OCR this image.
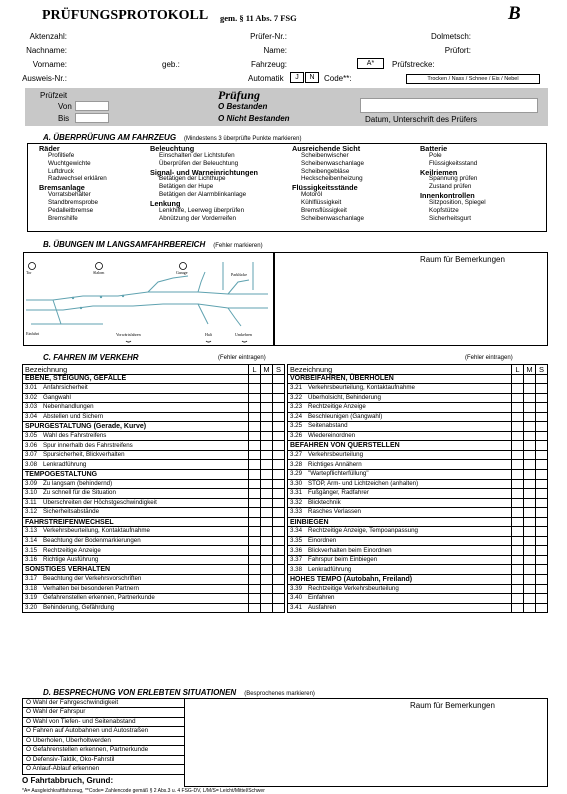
PRÜFUNGSPROTOKOLL gem. § 11 Abs. 7 FSG	B
Aktenzahl:
Nachname:
Vorname:
Ausweis-Nr.:
geb.:
Prüfer-Nr.:
Name:
Fahrzeug:
Automatik
A*
J	N	Code**:
Dolmetsch:
Prüfort:
Prüfstrecke:
Trocken / Nass / Schnee / Eis / Nebel
Prüfzeit
Von
Bis
Prüfung
O Bestanden
O Nicht Bestanden	Datum, Unterschrift des Prüfers
A. ÜBERPRÜFUNG AM FAHRZEUG (Mindestens 3 überprüfte Punkte markieren)
Räder
Profiltiefe
Wuchtgewichte
Luftdruck
Radwechsel erklären
Bremsanlage
Vorratsbehälter
Standbremsprobe
Pedalleitbremse
Bremshilfe
Beleuchtung
Einschalten der Lichtstufen
Überprüfen der Beleuchtung
Signal- und Warneinrichtungen
Betätigen der Lichthupe
Betätigen der Hupe
Betätigen der Alarmblinkanlage
Lenkung
Lenkhilfe, Leerweg überprüfen
Abnützung der Vorderreifen
Ausreichende Sicht
Scheibenwischer
Scheibenwaschanlage
Scheibengebläse
Heckscheibenheizung
Flüssigkeitsstände
Motoröl
Kühlflüssigkeit
Bremsflüssigkeit
Scheibenwaschanlage
Batterie
Pole
Flüssigkeitsstand
Keilriemen
Spannung prüfen
Zustand prüfen
Innenkontrollen
Sitzposition, Spiegel
Kopfstütze
Sicherheitsgurt
B. ÜBUNGEN IM LANGSAMFAHRBEREICH (Fehler markieren)
Raum für Bemerkungen
Tor	Slalom	Garage	Parklücke
Einfahrt	Vorwärtsfahren	Halt	Umkehren
C. FAHREN IM VERKEHR	(Fehler eintragen)	(Fehler eintragen)
Bezeichnung	L	M	S
EBENE, STEIGUNG, GEFÄLLE			
3.01 Anfahrsicherheit			
3.02 Gangwahl			
3.03 Nebenhandlungen			
3.04 Abstellen und Sichern			
SPURGESTALTUNG (Gerade, Kurve)			
3.05 Wahl des Fahrstreifens			
3.06 Spur innerhalb des Fahrstreifens			
3.07 Spursicherheit, Blickverhalten			
3.08 Lenkradführung			
TEMPOGESTALTUNG			
3.09 Zu langsam (behindernd)			
3.10 Zu schnell für die Situation			
3.11 Überschreiten der Höchstgeschwindigkeit			
3.12 Sicherheitsabstände			
FAHRSTREIFENWECHSEL			
3.13 Verkehrsbeurteilung, Kontaktaufnahme			
3.14 Beachtung der Bodenmarkierungen			
3.15 Rechtzeitige Anzeige			
3.16 Richtige Ausführung			
SONSTIGES VERHALTEN			
3.17 Beachtung der Verkehrsvorschriften			
3.18 Verhalten bei besonderen Partnern			
3.19 Gefahrenstellen erkennen, Partnerkunde			
3.20 Behinderung, Gefährdung			
Bezeichnung	L	M	S
VORBEIFAHREN, ÜBERHOLEN			
3.21 Verkehrsbeurteilung, Kontaktaufnahme			
3.22 Überholsicht, Behinderung			
3.23 Rechtzeitige Anzeige			
3.24 Beschleunigen (Gangwahl)			
3.25 Seitenabstand			
3.26 Wiedereinordnen			
BEFAHREN VON QUERSTELLEN			
3.27 Verkehrsbeurteilung			
3.28 Richtiges Annähern			
3.29 "Wartepflichterfüllung"			
3.30 STOP, Arm- und Lichtzeichen (anhalten)			
3.31 Fußgänger, Radfahrer			
3.32 Blicktechnik			
3.33 Rasches Verlassen			
EINBIEGEN			
3.34 Rechtzeitige Anzeige, Tempoanpassung			
3.35 Einordnen			
3.36 Blickverhalten beim Einordnen			
3.37 Fahrspur beim Einbiegen			
3.38 Lenkradführung			
HOHES TEMPO (Autobahn, Freiland)			
3.39 Rechtzeitige Verkehrsbeurteilung			
3.40 Einfahren			
3.41 Ausfahren			
D. BESPRECHUNG VON ERLEBTEN SITUATIONEN (Besprochenes markieren)
O Wahl der Fahrgeschwindigkeit
O Wahl der Fahrspur
O Wahl von Tiefen- und Seitenabstand
O Fahren auf Autobahnen und Autostraßen
O Überholen, Überholtwerden
O Gefahrenstellen erkennen, Partnerkunde
O Defensiv-Taktik, Öko-Fahrstil
O Anlauf-Ablauf erkennen
Raum für Bemerkungen
O Fahrtabbruch, Grund:
*A= Ausgleichkraftfahrzeug, **Code= Zahlencode gemäß § 2 Abs.3 u. 4 FSG-DV, L/M/S= Leicht/Mittel/Schwer
